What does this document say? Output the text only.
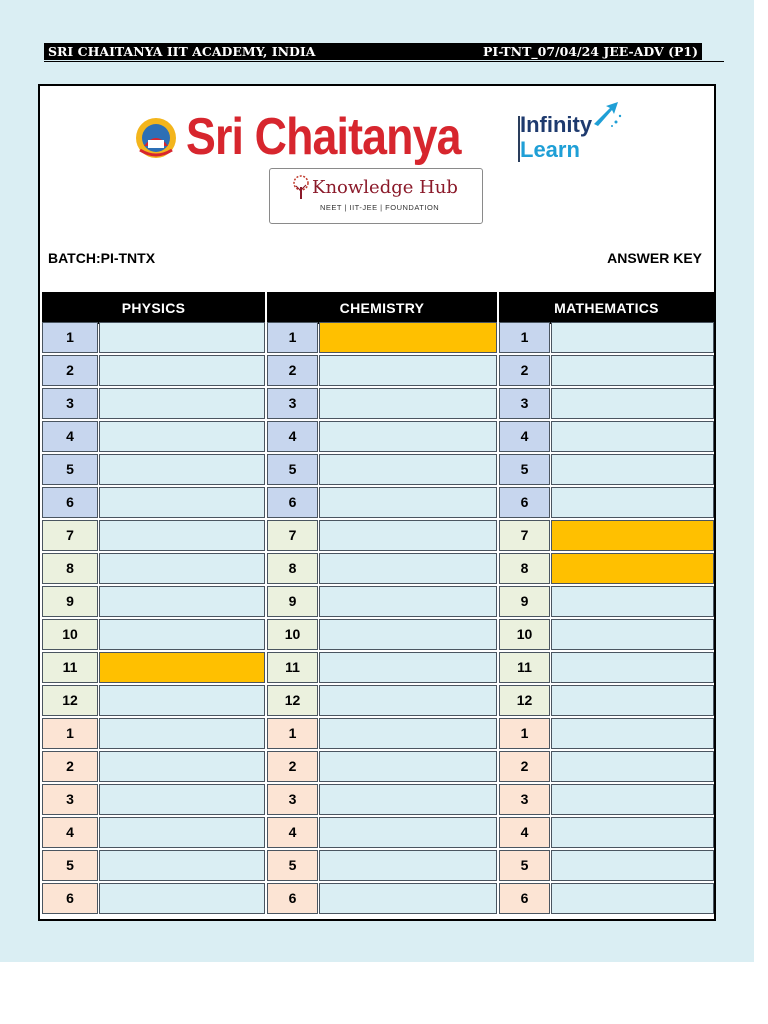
SRI CHAITANYA IIT ACADEMY, INDIA	PI-TNT_07/04/24 JEE-ADV (P1)
Sri Chaitanya	Infinity
Learn
Knowledge Hub
NEET | IIT-JEE | FOUNDATION
BATCH:PI-TNTX	ANSWER KEY
PHYSICS	CHEMISTRY	MATHEMATICS
1	1	1
2	2	2
3	3	3
4	4	4
5	5	5
6	6	6
7	7	7
8	8	8
9	9	9
10	10	10
11	11	11
12	12	12
1	1	1
2	2	2
3	3	3
4	4	4
5	5	5
6	6	6
